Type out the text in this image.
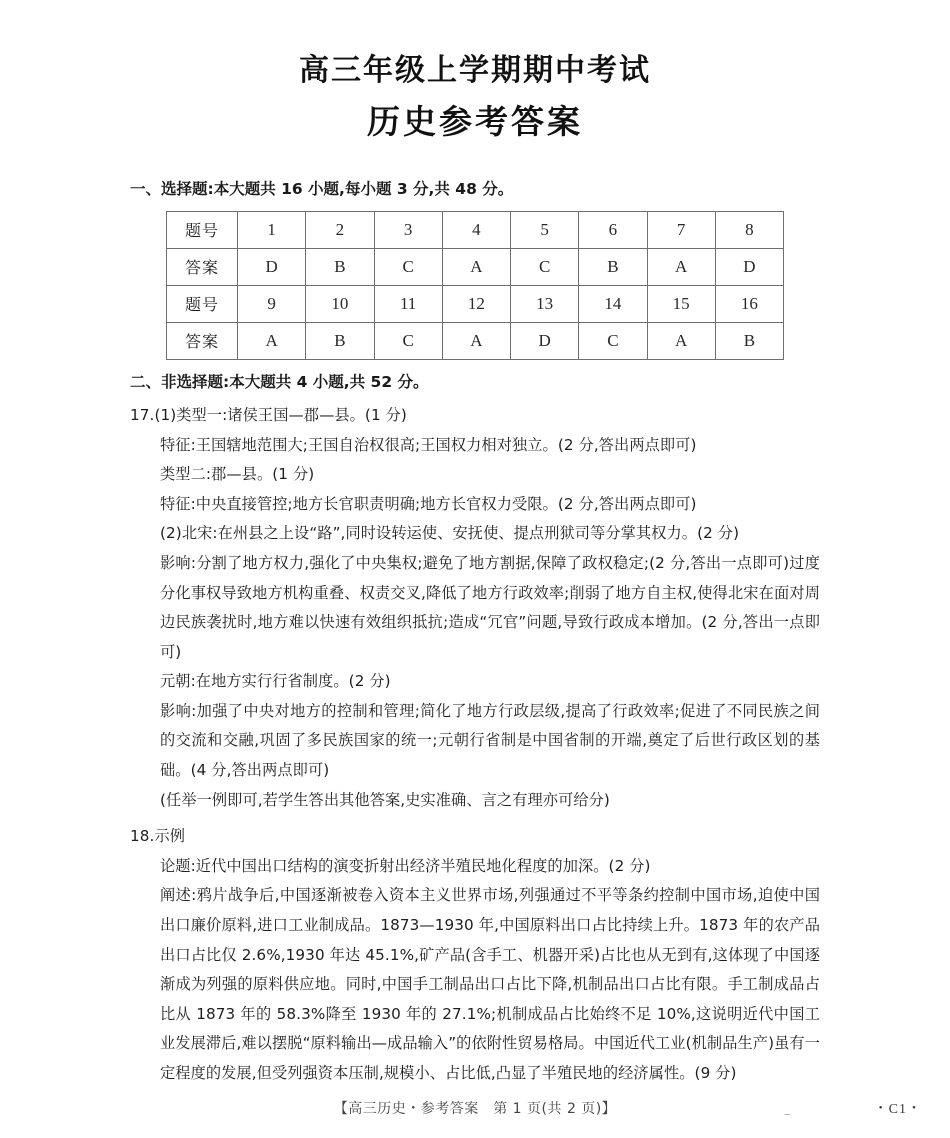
高三年级上学期期中考试
历史参考答案

一、选择题:本大题共 16 小题,每小题 3 分,共 48 分。

题号	1	2	3	4	5	6	7	8
答案	D	B	C	A	C	B	A	D
题号	9	10	11	12	13	14	15	16
答案	A	B	C	A	D	C	A	B

二、非选择题:本大题共 4 小题,共 52 分。

17.(1)类型一:诸侯王国—郡—县。(1 分)

特征:王国辖地范围大;王国自治权很高;王国权力相对独立。(2 分,答出两点即可)

类型二:郡—县。(1 分)

特征:中央直接管控;地方长官职责明确;地方长官权力受限。(2 分,答出两点即可)

(2)北宋:在州县之上设“路”,同时设转运使、安抚使、提点刑狱司等分掌其权力。(2 分)

影响:分割了地方权力,强化了中央集权;避免了地方割据,保障了政权稳定;(2 分,答出一点即可)过度分化事权导致地方机构重叠、权责交叉,降低了地方行政效率;削弱了地方自主权,使得北宋在面对周边民族袭扰时,地方难以快速有效组织抵抗;造成“冗官”问题,导致行政成本增加。(2 分,答出一点即可)

元朝:在地方实行行省制度。(2 分)

影响:加强了中央对地方的控制和管理;简化了地方行政层级,提高了行政效率;促进了不同民族之间的交流和交融,巩固了多民族国家的统一;元朝行省制是中国省制的开端,奠定了后世行政区划的基础。(4 分,答出两点即可)

(任举一例即可,若学生答出其他答案,史实准确、言之有理亦可给分)

18.示例

论题:近代中国出口结构的演变折射出经济半殖民地化程度的加深。(2 分)

阐述:鸦片战争后,中国逐渐被卷入资本主义世界市场,列强通过不平等条约控制中国市场,迫使中国出口廉价原料,进口工业制成品。1873—1930 年,中国原料出口占比持续上升。1873 年的农产品出口占比仅 2.6%,1930 年达 45.1%,矿产品(含手工、机器开采)占比也从无到有,这体现了中国逐渐成为列强的原料供应地。同时,中国手工制品出口占比下降,机制品出口占比有限。手工制成品占比从 1873 年的 58.3%降至 1930 年的 27.1%;机制成品占比始终不足 10%,这说明近代中国工业发展滞后,难以摆脱“原料输出—成品输入”的依附性贸易格局。中国近代工业(机制品生产)虽有一定程度的发展,但受列强资本压制,规模小、占比低,凸显了半殖民地的经济属性。(9 分)

【高三历史・参考答案　第 1 页(共 2 页)】	_	・C1・
